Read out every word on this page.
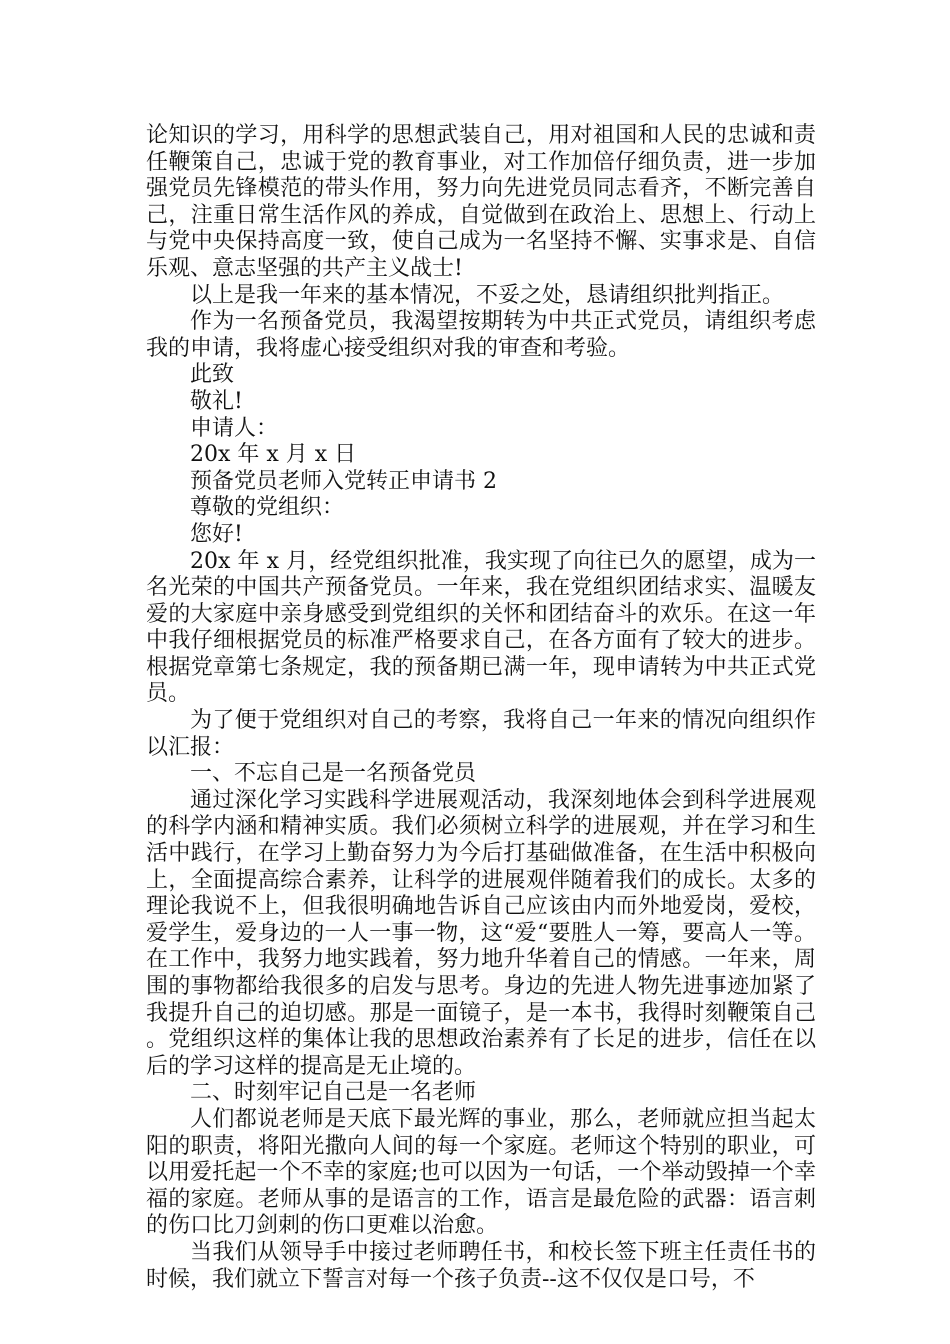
论知识的学习，用科学的思想武装自己，用对祖国和人民的忠诚和责任鞭策自己，忠诚于党的教育事业，对工作加倍仔细负责，进一步加强党员先锋模范的带头作用，努力向先进党员同志看齐，不断完善自己，注重日常生活作风的养成，自觉做到在政治上、思想上、行动上与党中央保持高度一致，使自己成为一名坚持不懈、实事求是、自信乐观、意志坚强的共产主义战士!

以上是我一年来的基本情况，不妥之处，恳请组织批判指正。

作为一名预备党员，我渴望按期转为中共正式党员，请组织考虑我的申请，我将虚心接受组织对我的审查和考验。

此致

敬礼!

申请人：

20x 年 x 月 x 日

预备党员老师入党转正申请书 2

尊敬的党组织：

您好!

20x 年 x 月，经党组织批准，我实现了向往已久的愿望，成为一名光荣的中国共产预备党员。一年来，我在党组织团结求实、温暖友爱的大家庭中亲身感受到党组织的关怀和团结奋斗的欢乐。在这一年中我仔细根据党员的标准严格要求自己，在各方面有了较大的进步。根据党章第七条规定，我的预备期已满一年，现申请转为中共正式党员。

为了便于党组织对自己的考察，我将自己一年来的情况向组织作以汇报：

一、不忘自己是一名预备党员

通过深化学习实践科学进展观活动，我深刻地体会到科学进展观的科学内涵和精神实质。我们必须树立科学的进展观，并在学习和生活中践行，在学习上勤奋努力为今后打基础做准备，在生活中积极向上，全面提高综合素养，让科学的进展观伴随着我们的成长。太多的理论我说不上，但我很明确地告诉自己应该由内而外地爱岗，爱校，爱学生，爱身边的一人一事一物，这“爱“要胜人一筹，要高人一等。在工作中，我努力地实践着，努力地升华着自己的情感。一年来，周围的事物都给我很多的启发与思考。身边的先进人物先进事迹加紧了我提升自己的迫切感。那是一面镜子，是一本书，我得时刻鞭策自己。党组织这样的集体让我的思想政治素养有了长足的进步，信任在以后的学习这样的提高是无止境的。

二、时刻牢记自己是一名老师

人们都说老师是天底下最光辉的事业，那么，老师就应担当起太阳的职责，将阳光撒向人间的每一个家庭。老师这个特别的职业，可以用爱托起一个不幸的家庭;也可以因为一句话，一个举动毁掉一个幸福的家庭。老师从事的是语言的工作，语言是最危险的武器：语言刺的伤口比刀剑刺的伤口更难以治愈。

当我们从领导手中接过老师聘任书，和校长签下班主任责任书的时候，我们就立下誓言对每一个孩子负责--这不仅仅是口号，不
